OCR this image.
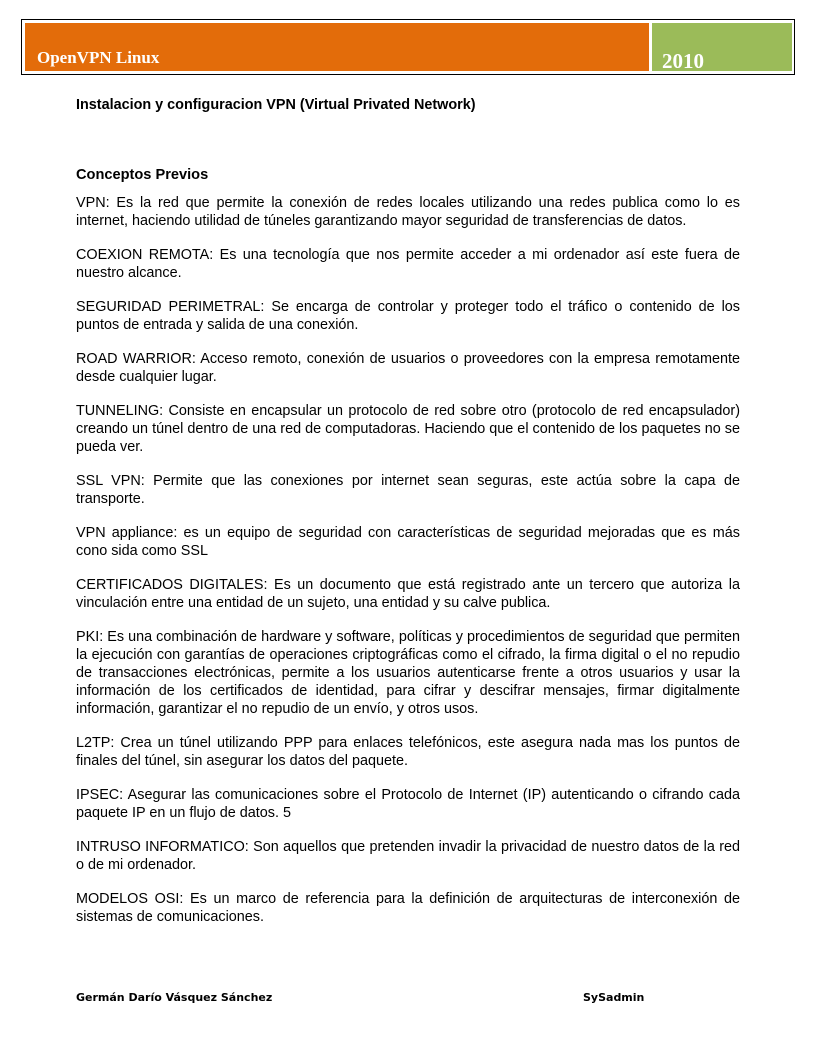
OpenVPN Linux	2010
Instalacion y configuracion VPN (Virtual Privated Network)
Conceptos Previos

VPN: Es la red que permite la conexión de redes locales utilizando una redes publica como lo es internet, haciendo utilidad de túneles garantizando mayor seguridad de transferencias de datos.

COEXION REMOTA: Es una tecnología que nos permite acceder a mi ordenador así este fuera de nuestro alcance.

SEGURIDAD PERIMETRAL: Se encarga de controlar y proteger todo el tráfico o contenido de los puntos de entrada y salida de una conexión.

ROAD WARRIOR: Acceso remoto, conexión de usuarios o proveedores con la empresa remotamente desde cualquier lugar.

TUNNELING: Consiste en encapsular un protocolo de red sobre otro (protocolo de red encapsulador) creando un túnel dentro de una red de computadoras. Haciendo que el contenido de los paquetes no se pueda ver.

SSL VPN: Permite que las conexiones por internet sean seguras, este actúa sobre la capa de transporte.

VPN appliance: es un equipo de seguridad con características de seguridad mejoradas que es más cono sida como SSL

CERTIFICADOS DIGITALES: Es un documento que está registrado ante un tercero que autoriza la vinculación entre una entidad de un sujeto, una entidad y su calve publica.

PKI: Es una combinación de hardware y software, políticas y procedimientos de seguridad que permiten la ejecución con garantías de operaciones criptográficas como el cifrado, la firma digital o el no repudio de transacciones electrónicas, permite a los usuarios autenticarse frente a otros usuarios y usar la información de los certificados de identidad, para cifrar y descifrar mensajes, firmar digitalmente información, garantizar el no repudio de un envío, y otros usos.

L2TP: Crea un túnel utilizando PPP para enlaces telefónicos, este asegura nada mas los puntos de finales del túnel, sin asegurar los datos del paquete.

IPSEC: Asegurar las comunicaciones sobre el Protocolo de Internet (IP) autenticando o cifrando cada paquete IP en un flujo de datos. 5

INTRUSO INFORMATICO: Son aquellos que pretenden invadir la privacidad de nuestro datos de la red o de mi ordenador.

MODELOS OSI: Es un marco de referencia para la definición de arquitecturas de interconexión de sistemas de comunicaciones.

Germán Darío Vásquez Sánchez	SySadmin
